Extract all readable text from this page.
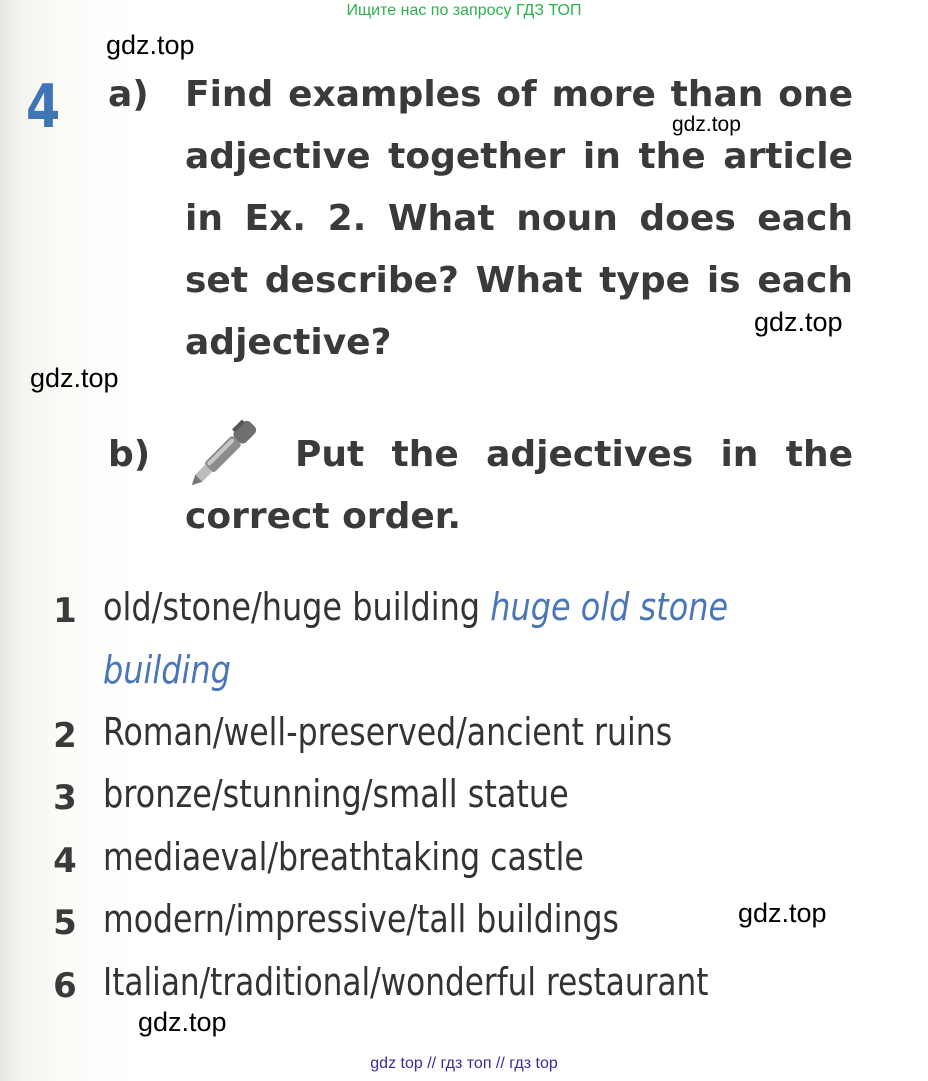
Ищите нас по запросу ГДЗ ТОП
gdz.top
gdz.top
gdz.top
gdz.top
gdz.top
gdz.top
4 a) Find examples of more than one adjective together in the article in Ex. 2. What noun does each set describe? What type is each adjective?
b)	Put the adjectives in the correct order.
1 old/stone/huge building huge old stone
building
2 Roman/well-preserved/ancient ruins
3 bronze/stunning/small statue
4 mediaeval/breathtaking castle
5 modern/impressive/tall buildings
6 Italian/traditional/wonderful restaurant
gdz top // гдз топ // гдз top
